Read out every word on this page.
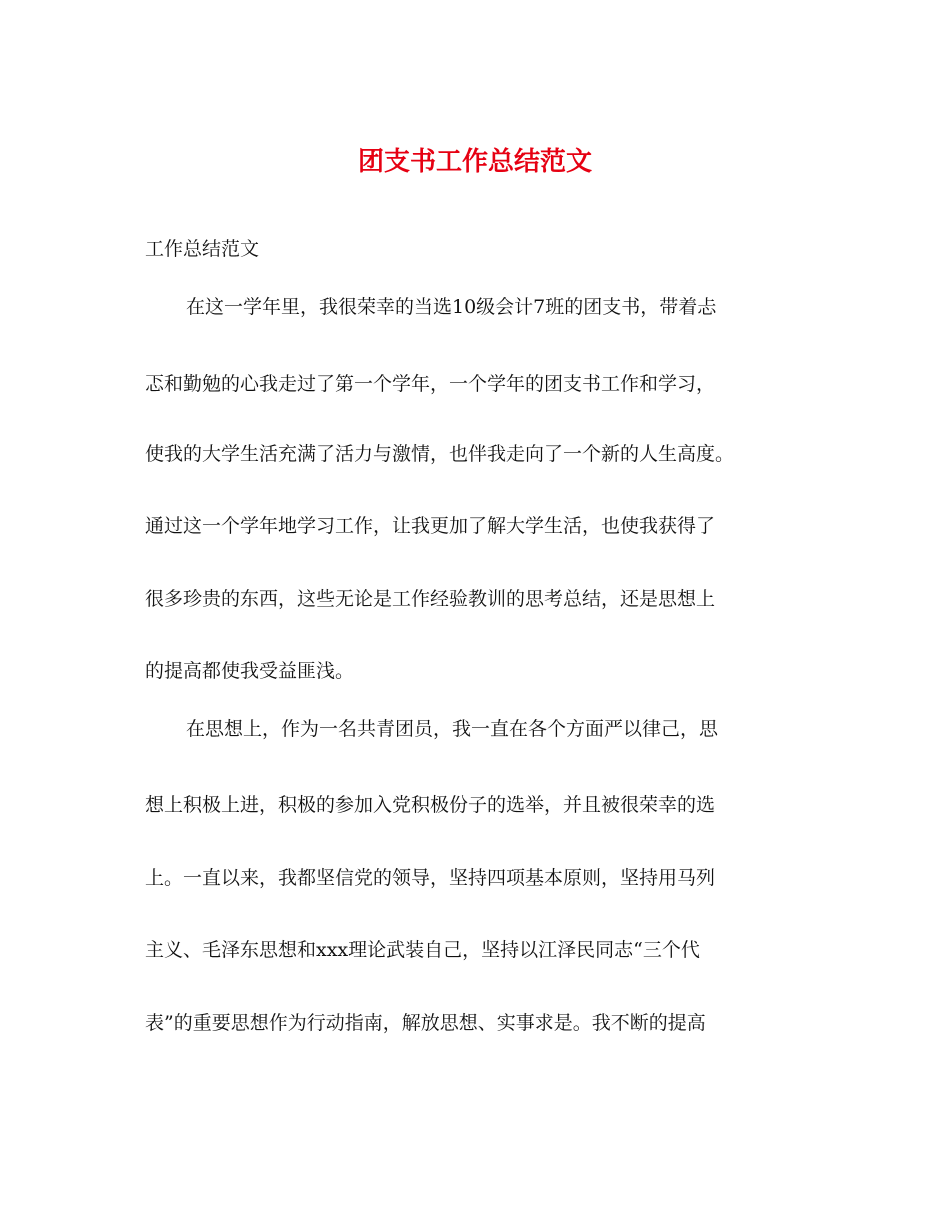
团支书工作总结范文

工作总结范文

在这一学年里，我很荣幸的当选10级会计7班的团支书，带着忐

忑和勤勉的心我走过了第一个学年，一个学年的团支书工作和学习，

使我的大学生活充满了活力与激情，也伴我走向了一个新的人生高度。

通过这一个学年地学习工作，让我更加了解大学生活，也使我获得了

很多珍贵的东西，这些无论是工作经验教训的思考总结，还是思想上

的提高都使我受益匪浅。

在思想上，作为一名共青团员，我一直在各个方面严以律己，思

想上积极上进，积极的参加入党积极份子的选举，并且被很荣幸的选

上。一直以来，我都坚信党的领导，坚持四项基本原则，坚持用马列

主义、毛泽东思想和xxx理论武装自己，坚持以江泽民同志“三个代

表”的重要思想作为行动指南，解放思想、实事求是。我不断的提高
